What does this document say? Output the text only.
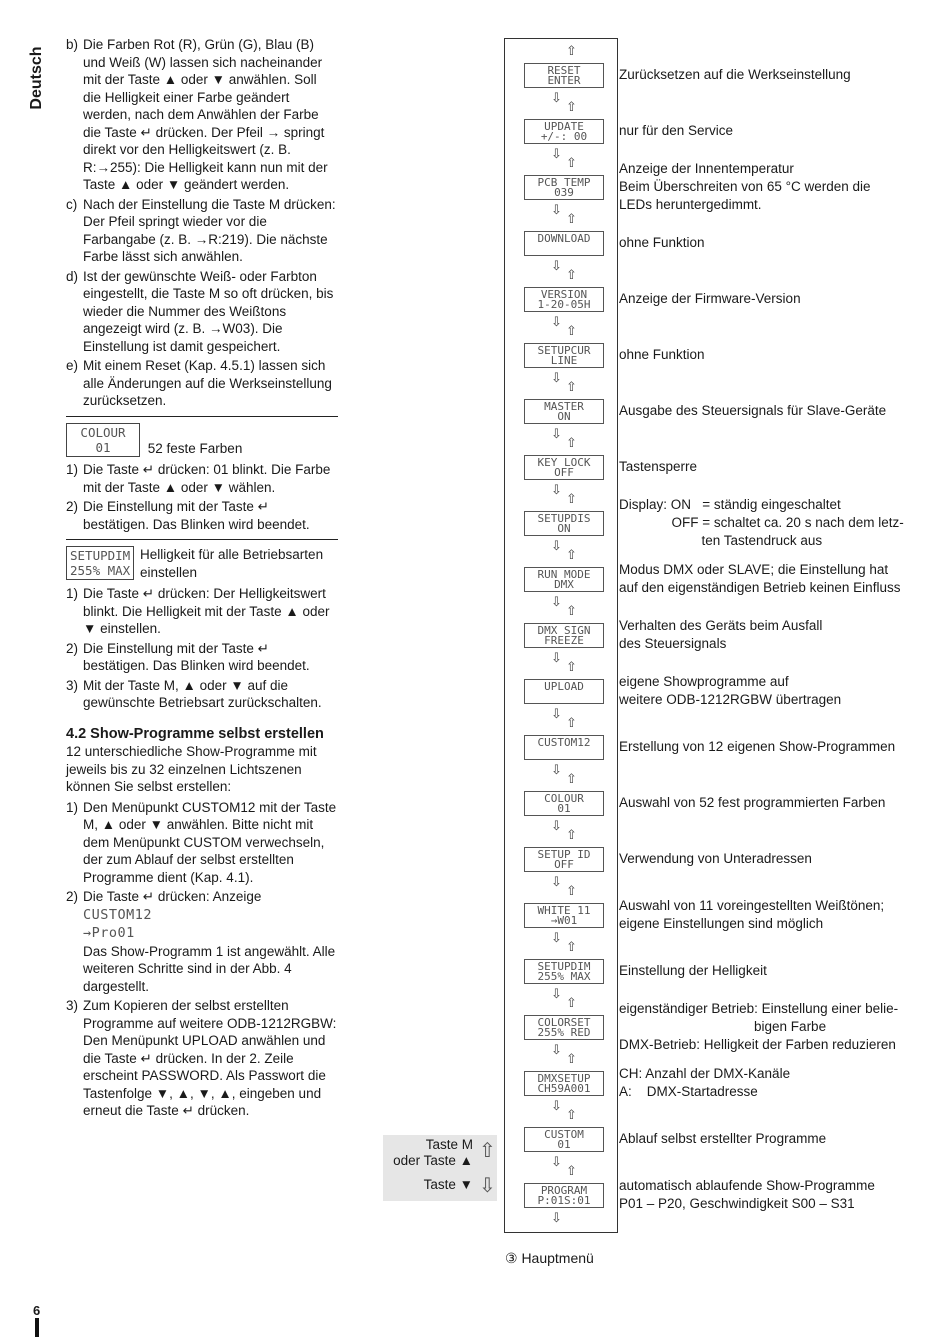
Deutsch
b) Die Farben Rot (R), Grün (G), Blau (B) und Weiß (W) lassen sich nacheinander mit der Taste ▲ oder ▼ anwählen. Soll die Helligkeit einer Farbe geändert werden, nach dem Anwählen der Farbe die Taste ↵ drücken. Der Pfeil → springt direkt vor den Helligkeitswert (z. B. R:→255): Die Helligkeit kann nun mit der Taste ▲ oder ▼ geändert werden.
c) Nach der Einstellung die Taste M drücken: Der Pfeil springt wieder vor die Farbangabe (z. B. →R:219). Die nächste Farbe lässt sich anwählen.
d) Ist der gewünschte Weiß- oder Farbton eingestellt, die Taste M so oft drücken, bis wieder die Nummer des Weißtons angezeigt wird (z. B. →W03). Die Einstellung ist damit gespeichert.
e) Mit einem Reset (Kap. 4.5.1) lassen sich alle Änderungen auf die Werkseinstellung zurücksetzen.
COLOUR
01	52 feste Farben
1) Die Taste ↵ drücken: 01 blinkt. Die Farbe mit der Taste ▲ oder ▼ wählen.
2) Die Einstellung mit der Taste ↵ bestätigen. Das Blinken wird beendet.
SETUPDIM
255% MAX Helligkeit für alle Betriebsarten einstellen
1) Die Taste ↵ drücken: Der Helligkeitswert blinkt. Die Helligkeit mit der Taste ▲ oder ▼ einstellen.
2) Die Einstellung mit der Taste ↵ bestätigen. Das Blinken wird beendet.
3) Mit der Taste M, ▲ oder ▼ auf die gewünschte Betriebsart zurückschalten.
4.2 Show-Programme selbst erstellen
12 unterschiedliche Show-Programme mit jeweils bis zu 32 einzelnen Lichtszenen können Sie selbst erstellen:
1) Den Menüpunkt CUSTOM12 mit der Taste M, ▲ oder ▼ anwählen. Bitte nicht mit dem Menüpunkt CUSTOM verwechseln, der zum Ablauf der selbst erstellten Programme dient (Kap. 4.1).
2) Die Taste ↵ drücken: Anzeige
CUSTOM12
→Pro01
Das Show-Programm 1 ist angewählt. Alle weiteren Schritte sind in der Abb. 4 dargestellt.
3) Zum Kopieren der selbst erstellten Programme auf weitere ODB-1212RGBW: Den Menüpunkt UPLOAD anwählen und die Taste ↵ drücken. In der 2. Zeile erscheint PASSWORD. Als Passwort die Tastenfolge ▼, ▲, ▼, ▲, eingeben und erneut die Taste ↵ drücken.
RESET
ENTER
⇧
⇩
Zurücksetzen auf die Werkseinstellung
UPDATE
+/-: 00
⇧
⇩
nur für den Service
PCB TEMP
039
⇧
⇩
Anzeige der Innentemperatur
Beim Überschreiten von 65 °C werden die
LEDs heruntergedimmt.
DOWNLOAD
⇧
⇩
ohne Funktion
VERSION
1-20-05H
⇧
⇩
Anzeige der Firmware-Version
SETUPCUR
LINE
⇧
⇩
ohne Funktion
MASTER
ON
⇧
⇩
Ausgabe des Steuersignals für Slave-Geräte
KEY LOCK
OFF
⇧
⇩
Tastensperre
SETUPDIS
ON
⇧
⇩
Display: ON   = ständig eingeschaltet
OFF = schaltet ca. 20 s nach dem letz-
ten Tastendruck aus
RUN MODE
DMX
⇧
⇩
Modus DMX oder SLAVE; die Einstellung hat
auf den eigenständigen Betrieb keinen Einfluss
DMX SIGN
FREEZE
⇧
⇩
Verhalten des Geräts beim Ausfall
des Steuersignals
UPLOAD
⇧
⇩
eigene Showprogramme auf
weitere ODB-1212RGBW übertragen
CUSTOM12
⇧
⇩
Erstellung von 12 eigenen Show-Programmen
COLOUR
01
⇧
⇩
Auswahl von 52 fest programmierten Farben
SETUP ID
OFF
⇧
⇩
Verwendung von Unteradressen
WHITE 11
→W01
⇧
⇩
Auswahl von 11 voreingestellten Weißtönen;
eigene Einstellungen sind möglich
SETUPDIM
255% MAX
⇧
⇩
Einstellung der Helligkeit
COLORSET
255% RED
⇧
⇩
eigenständiger Betrieb: Einstellung einer belie-
bigen Farbe
DMX-Betrieb: Helligkeit der Farben reduzieren
DMXSETUP
CH59A001
⇧
⇩
CH: Anzahl der DMX-Kanäle
A:    DMX-Startadresse
CUSTOM
01
⇧
⇩
Ablauf selbst erstellter Programme
PROGRAM
P:01S:01
⇧
⇩
automatisch ablaufende Show-Programme
P01 – P20, Geschwindigkeit S00 – S31
Taste M
oder Taste ▲
Taste ▼
⇧
⇩
③ Hauptmenü
6
